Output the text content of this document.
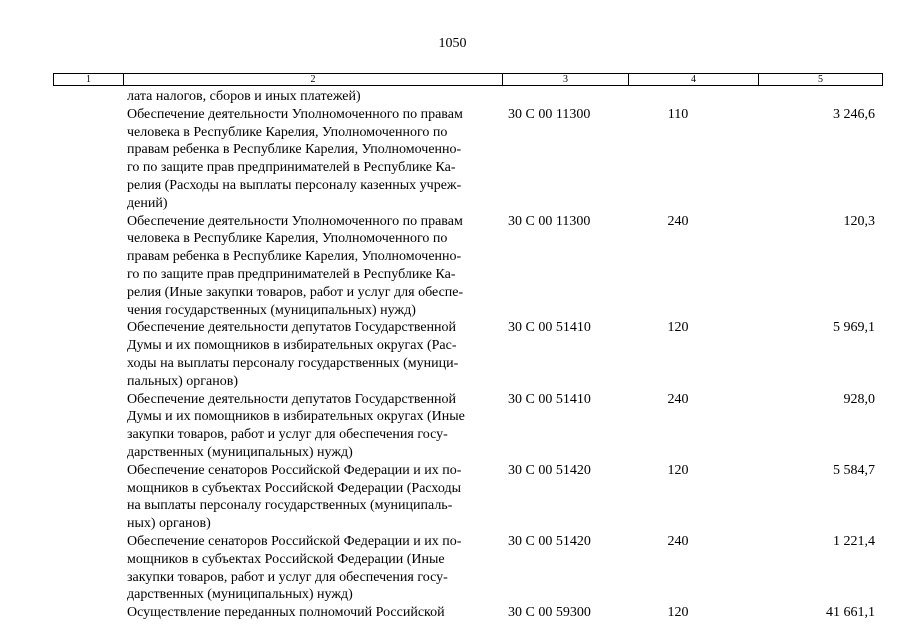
1050
1	2	3	4	5
лата налогов, сборов и иных платежей)
Обеспечение деятельности Уполномоченного по правам
человека в Республике Карелия, Уполномоченного по
правам ребенка в Республике Карелия, Уполномоченно-
го по защите прав предпринимателей в Республике Ка-
релия (Расходы на выплаты персоналу казенных учреж-
дений)
30 С 00 11300	110	3 246,6
Обеспечение деятельности Уполномоченного по правам
человека в Республике Карелия, Уполномоченного по
правам ребенка в Республике Карелия, Уполномоченно-
го по защите прав предпринимателей в Республике Ка-
релия (Иные закупки товаров, работ и услуг для обеспе-
чения государственных (муниципальных) нужд)
30 С 00 11300	240	120,3
Обеспечение деятельности депутатов Государственной
Думы и их помощников в избирательных округах (Рас-
ходы на выплаты персоналу государственных (муници-
пальных) органов)
30 С 00 51410	120	5 969,1
Обеспечение деятельности депутатов Государственной
Думы и их помощников в избирательных округах (Иные
закупки товаров, работ и услуг для обеспечения госу-
дарственных (муниципальных) нужд)
30 С 00 51410	240	928,0
Обеспечение сенаторов Российской Федерации и их по-
мощников в субъектах Российской Федерации (Расходы
на выплаты персоналу государственных (муниципаль-
ных) органов)
30 С 00 51420	120	5 584,7
Обеспечение сенаторов Российской Федерации и их по-
мощников в субъектах Российской Федерации (Иные
закупки товаров, работ и услуг для обеспечения госу-
дарственных (муниципальных) нужд)
30 С 00 51420	240	1 221,4
Осуществление переданных полномочий Российской	30 С 00 59300	120	41 661,1
